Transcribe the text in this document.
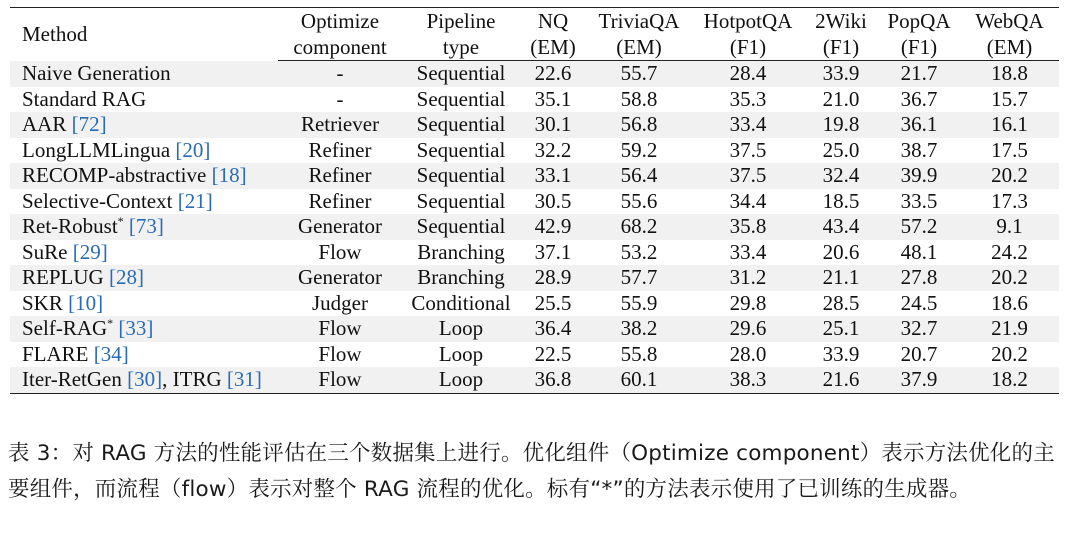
Method	Optimize	Pipeline	NQ	TriviaQA	HotpotQA	2Wiki	PopQA	WebQA
	component	type	(EM)	(EM)	(F1)	(F1)	(F1)	(EM)
Naive Generation	-	Sequential	22.6	55.7	28.4	33.9	21.7	18.8
Standard RAG	-	Sequential	35.1	58.8	35.3	21.0	36.7	15.7
AAR [72]	Retriever	Sequential	30.1	56.8	33.4	19.8	36.1	16.1
LongLLMLingua [20]	Refiner	Sequential	32.2	59.2	37.5	25.0	38.7	17.5
RECOMP-abstractive [18]	Refiner	Sequential	33.1	56.4	37.5	32.4	39.9	20.2
Selective-Context [21]	Refiner	Sequential	30.5	55.6	34.4	18.5	33.5	17.3
Ret-Robust* [73]	Generator	Sequential	42.9	68.2	35.8	43.4	57.2	9.1
SuRe [29]	Flow	Branching	37.1	53.2	33.4	20.6	48.1	24.2
REPLUG [28]	Generator	Branching	28.9	57.7	31.2	21.1	27.8	20.2
SKR [10]	Judger	Conditional	25.5	55.9	29.8	28.5	24.5	18.6
Self-RAG* [33]	Flow	Loop	36.4	38.2	29.6	25.1	32.7	21.9
FLARE [34]	Flow	Loop	22.5	55.8	28.0	33.9	20.7	20.2
Iter-RetGen [30], ITRG [31]	Flow	Loop	36.8	60.1	38.3	21.6	37.9	18.2
表 3：对 RAG 方法的性能评估在三个数据集上进行。优化组件（Optimize component）表示方法优化的主要组件，而流程（flow）表示对整个 RAG 流程的优化。标有“*”的方法表示使用了已训练的生成器。
